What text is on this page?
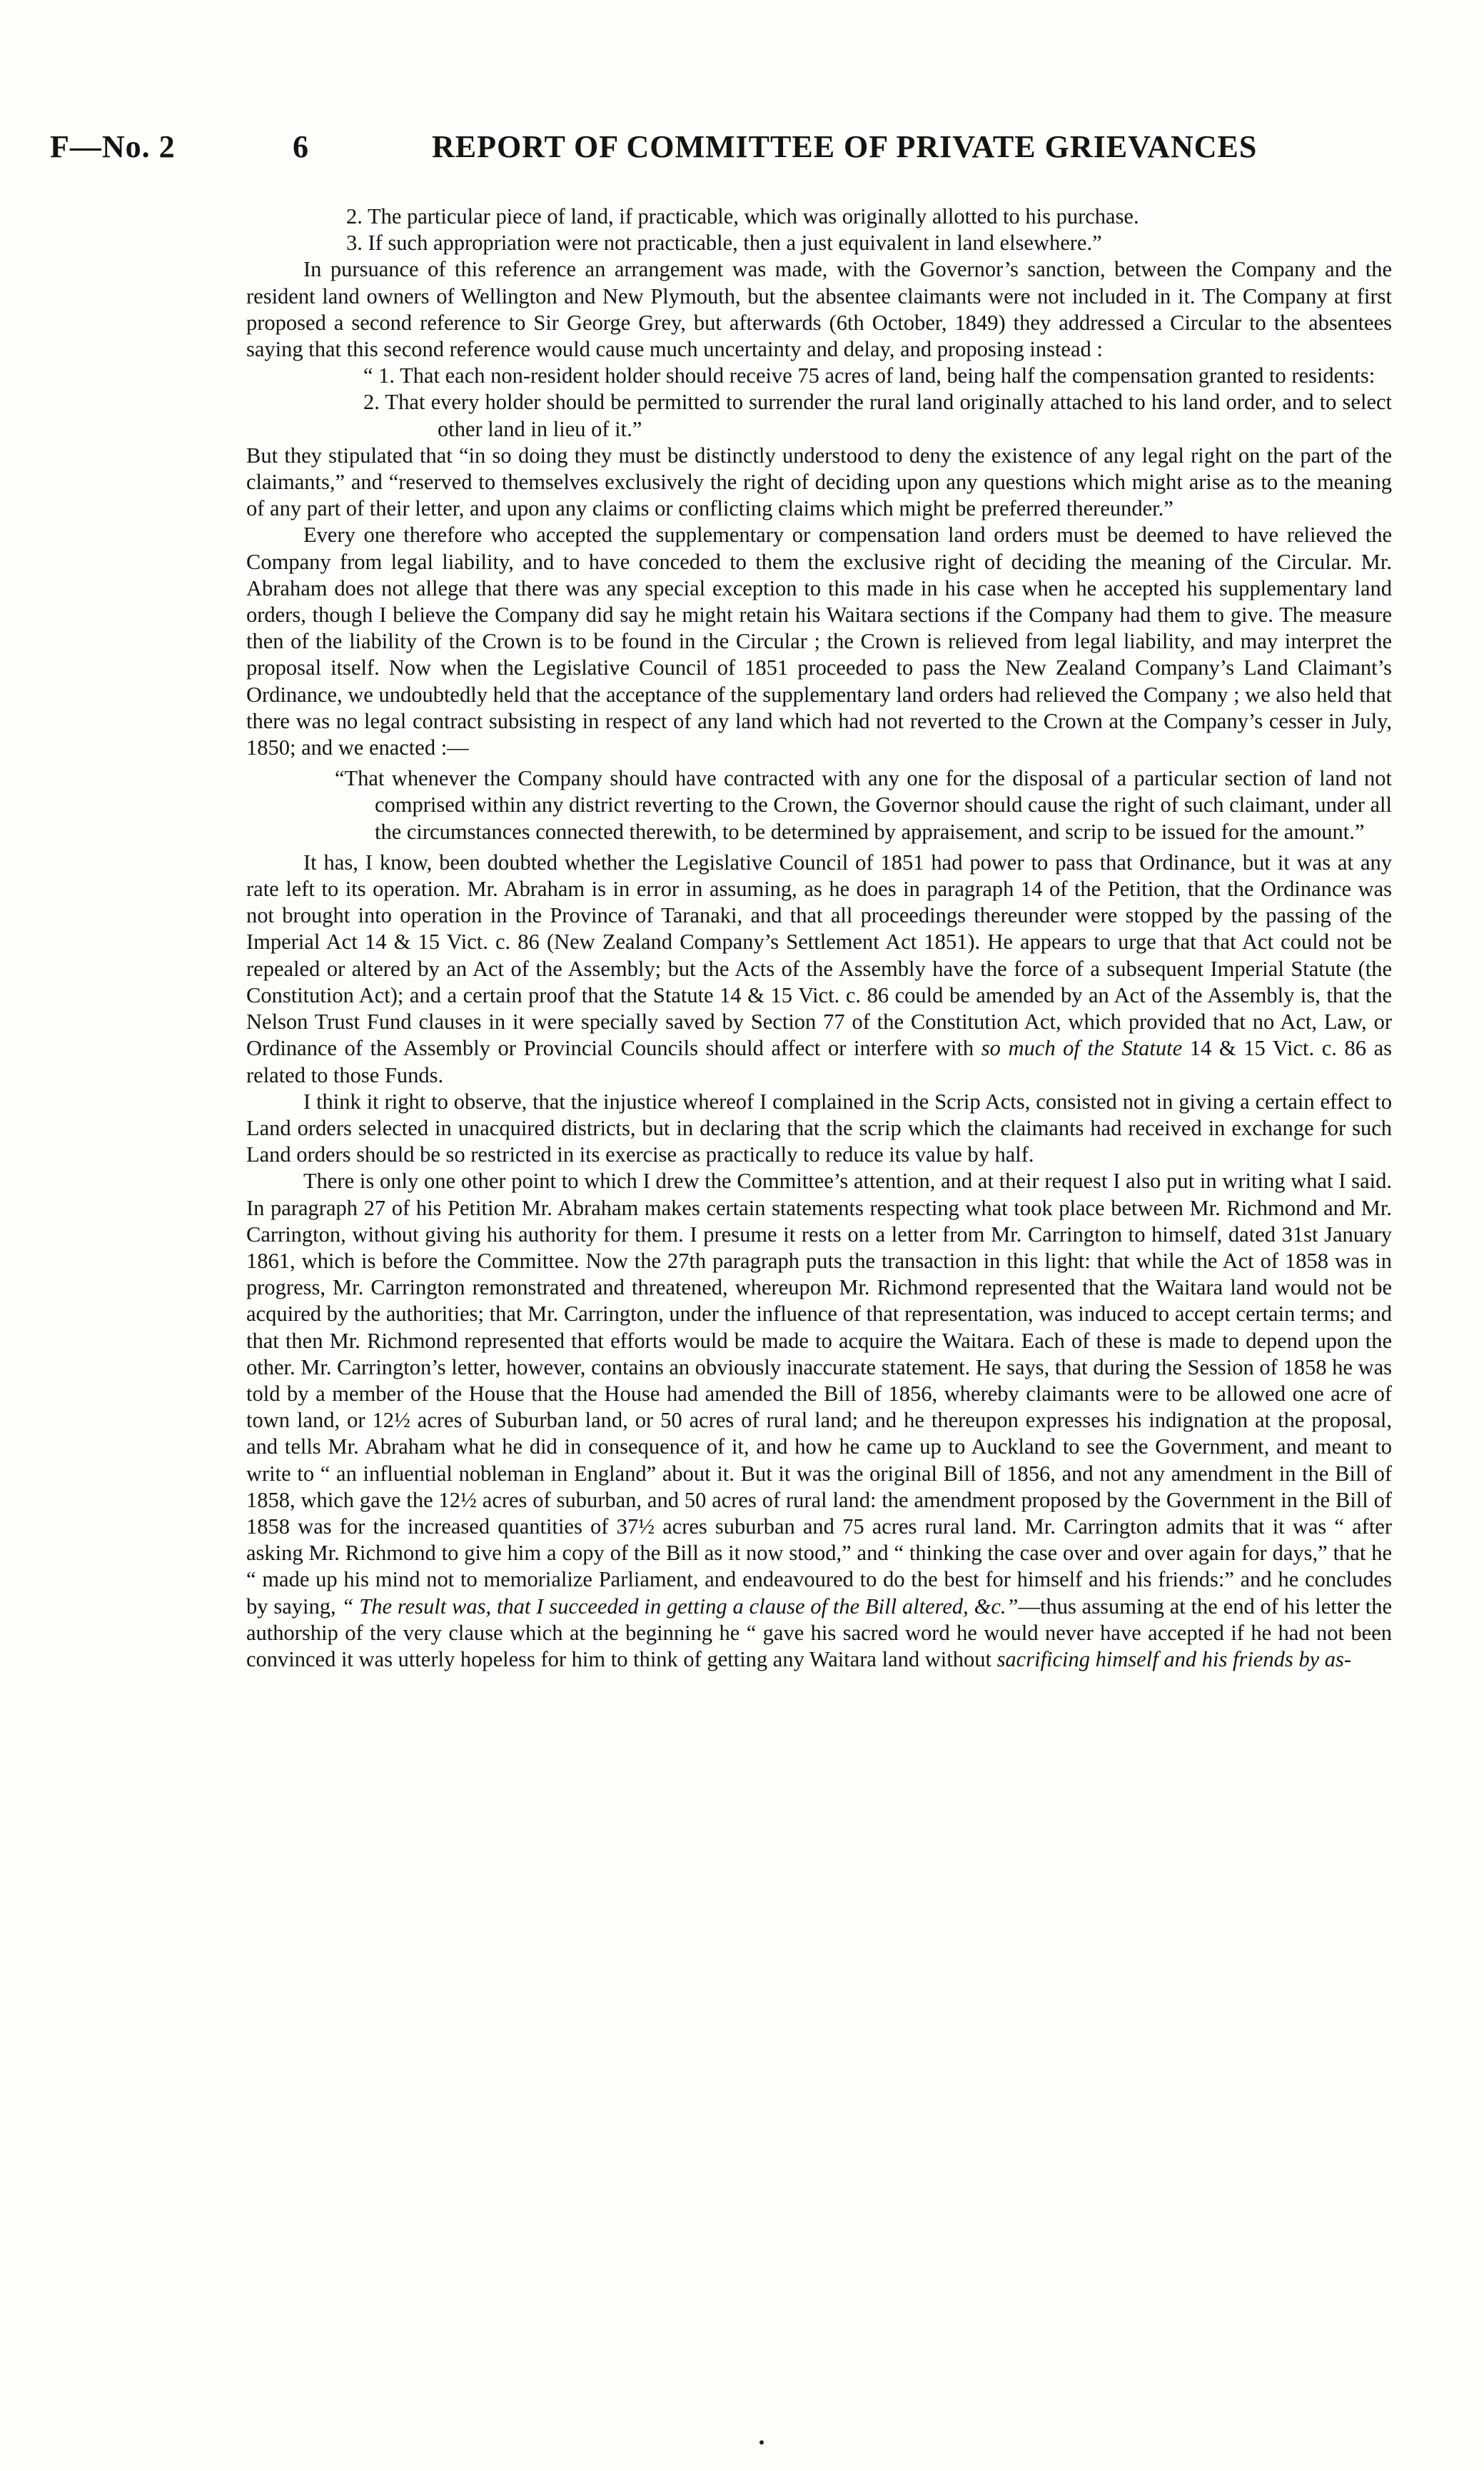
F—No. 2	6	REPORT OF COMMITTEE OF PRIVATE GRIEVANCES

2. The particular piece of land, if practicable, which was originally allotted to his purchase.

3. If such appropriation were not practicable, then a just equivalent in land elsewhere.”

In pursuance of this reference an arrangement was made, with the Governor’s sanction, between the Company and the resident land owners of Wellington and New Plymouth, but the absentee claimants were not included in it. The Company at first proposed a second reference to Sir George Grey, but afterwards (6th October, 1849) they addressed a Circular to the absentees saying that this second reference would cause much uncertainty and delay, and proposing instead :

“ 1. That each non-resident holder should receive 75 acres of land, being half the compensation granted to residents:

2. That every holder should be permitted to surrender the rural land originally attached to his land order, and to select other land in lieu of it.”

But they stipulated that “in so doing they must be distinctly understood to deny the existence of any legal right on the part of the claimants,” and “reserved to themselves exclusively the right of deciding upon any questions which might arise as to the meaning of any part of their letter, and upon any claims or conflicting claims which might be preferred thereunder.”

Every one therefore who accepted the supplementary or compensation land orders must be deemed to have relieved the Company from legal liability, and to have conceded to them the exclusive right of deciding the meaning of the Circular. Mr. Abraham does not allege that there was any special exception to this made in his case when he accepted his supplementary land orders, though I believe the Company did say he might retain his Waitara sections if the Company had them to give. The measure then of the liability of the Crown is to be found in the Circular ; the Crown is relieved from legal liability, and may interpret the proposal itself. Now when the Legislative Council of 1851 proceeded to pass the New Zealand Company’s Land Claimant’s Ordinance, we undoubtedly held that the acceptance of the supplementary land orders had relieved the Company ; we also held that there was no legal contract subsisting in respect of any land which had not reverted to the Crown at the Company’s cesser in July, 1850; and we enacted :—

“That whenever the Company should have contracted with any one for the disposal of a particular section of land not comprised within any district reverting to the Crown, the Governor should cause the right of such claimant, under all the circumstances connected therewith, to be determined by appraisement, and scrip to be issued for the amount.”

It has, I know, been doubted whether the Legislative Council of 1851 had power to pass that Ordinance, but it was at any rate left to its operation. Mr. Abraham is in error in assuming, as he does in paragraph 14 of the Petition, that the Ordinance was not brought into operation in the Province of Taranaki, and that all proceedings thereunder were stopped by the passing of the Imperial Act 14 & 15 Vict. c. 86 (New Zealand Company’s Settlement Act 1851). He appears to urge that that Act could not be repealed or altered by an Act of the Assembly; but the Acts of the Assembly have the force of a subsequent Imperial Statute (the Constitution Act); and a certain proof that the Statute 14 & 15 Vict. c. 86 could be amended by an Act of the Assembly is, that the Nelson Trust Fund clauses in it were specially saved by Section 77 of the Constitution Act, which provided that no Act, Law, or Ordinance of the Assembly or Provincial Councils should affect or interfere with so much of the Statute 14 & 15 Vict. c. 86 as related to those Funds.

I think it right to observe, that the injustice whereof I complained in the Scrip Acts, consisted not in giving a certain effect to Land orders selected in unacquired districts, but in declaring that the scrip which the claimants had received in exchange for such Land orders should be so restricted in its exercise as practically to reduce its value by half.

There is only one other point to which I drew the Committee’s attention, and at their request I also put in writing what I said. In paragraph 27 of his Petition Mr. Abraham makes certain statements respecting what took place between Mr. Richmond and Mr. Carrington, without giving his authority for them. I presume it rests on a letter from Mr. Carrington to himself, dated 31st January 1861, which is before the Committee. Now the 27th paragraph puts the transaction in this light: that while the Act of 1858 was in progress, Mr. Carrington remonstrated and threatened, whereupon Mr. Richmond represented that the Waitara land would not be acquired by the authorities; that Mr. Carrington, under the influence of that representation, was induced to accept certain terms; and that then Mr. Richmond represented that efforts would be made to acquire the Waitara. Each of these is made to depend upon the other. Mr. Carrington’s letter, however, contains an obviously inaccurate statement. He says, that during the Session of 1858 he was told by a member of the House that the House had amended the Bill of 1856, whereby claimants were to be allowed one acre of town land, or 12½ acres of Suburban land, or 50 acres of rural land; and he thereupon expresses his indignation at the proposal, and tells Mr. Abraham what he did in consequence of it, and how he came up to Auckland to see the Government, and meant to write to “ an influential nobleman in England” about it. But it was the original Bill of 1856, and not any amendment in the Bill of 1858, which gave the 12½ acres of suburban, and 50 acres of rural land: the amendment proposed by the Government in the Bill of 1858 was for the increased quantities of 37½ acres suburban and 75 acres rural land. Mr. Carrington admits that it was “ after asking Mr. Richmond to give him a copy of the Bill as it now stood,” and “ thinking the case over and over again for days,” that he “ made up his mind not to memorialize Parliament, and endeavoured to do the best for himself and his friends:” and he concludes by saying, “ The result was, that I succeeded in getting a clause of the Bill altered, &c.”—thus assuming at the end of his letter the authorship of the very clause which at the beginning he “ gave his sacred word he would never have accepted if he had not been convinced it was utterly hopeless for him to think of getting any Waitara land without sacrificing himself and his friends by as-
